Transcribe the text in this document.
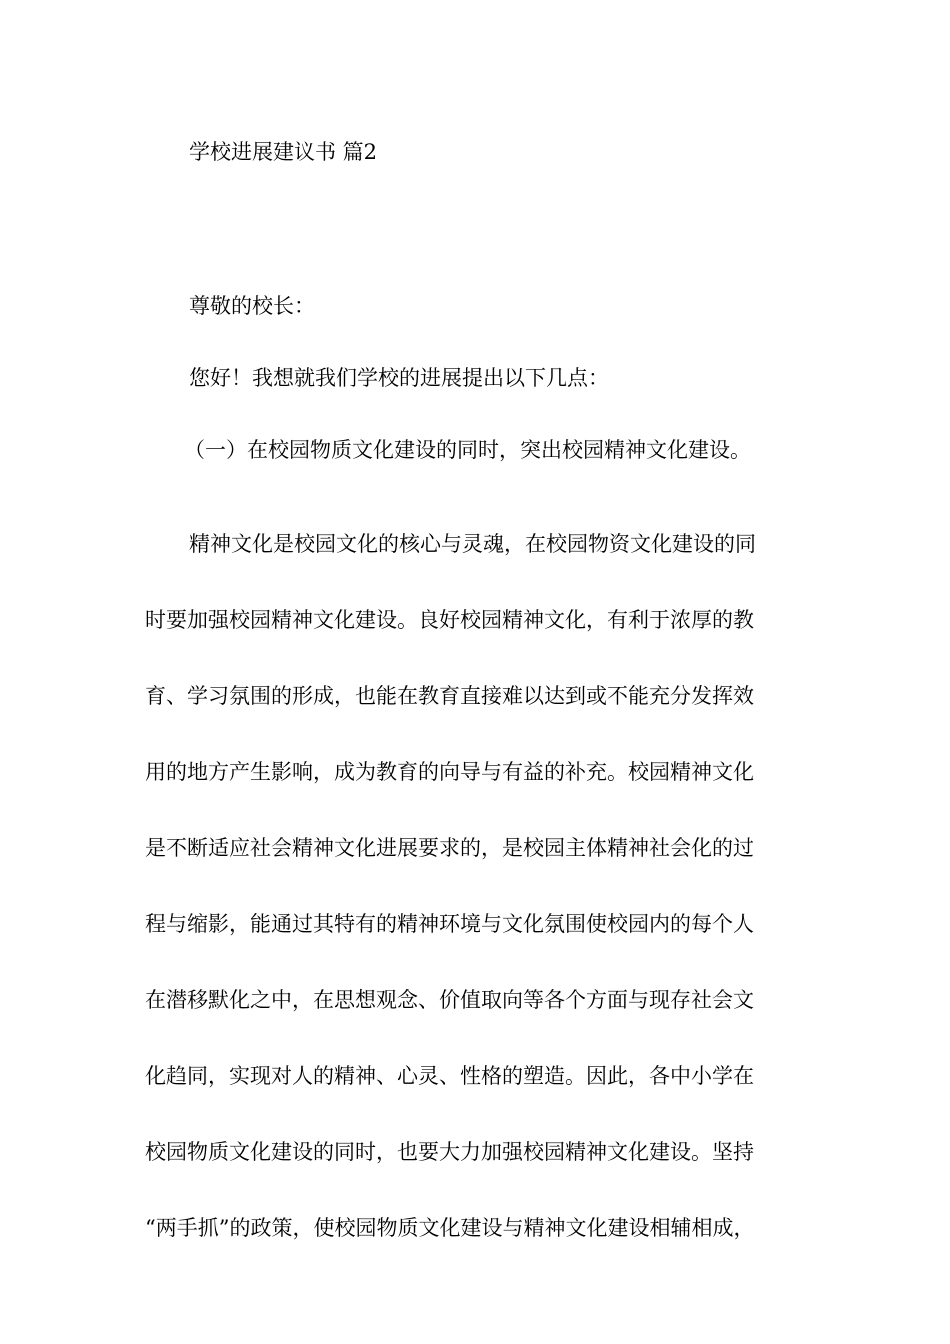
学校进展建议书 篇2
尊敬的校长：
您好！我想就我们学校的进展提出以下几点：
（一）在校园物质文化建设的同时，突出校园精神文化建设。
精神文化是校园文化的核心与灵魂，在校园物资文化建设的同
时要加强校园精神文化建设。良好校园精神文化，有利于浓厚的教
育、学习氛围的形成，也能在教育直接难以达到或不能充分发挥效
用的地方产生影响，成为教育的向导与有益的补充。校园精神文化
是不断适应社会精神文化进展要求的，是校园主体精神社会化的过
程与缩影，能通过其特有的精神环境与文化氛围使校园内的每个人
在潜移默化之中，在思想观念、价值取向等各个方面与现存社会文
化趋同，实现对人的精神、心灵、性格的塑造。因此，各中小学在
校园物质文化建设的同时，也要大力加强校园精神文化建设。坚持
“两手抓”的政策，使校园物质文化建设与精神文化建设相辅相成，
